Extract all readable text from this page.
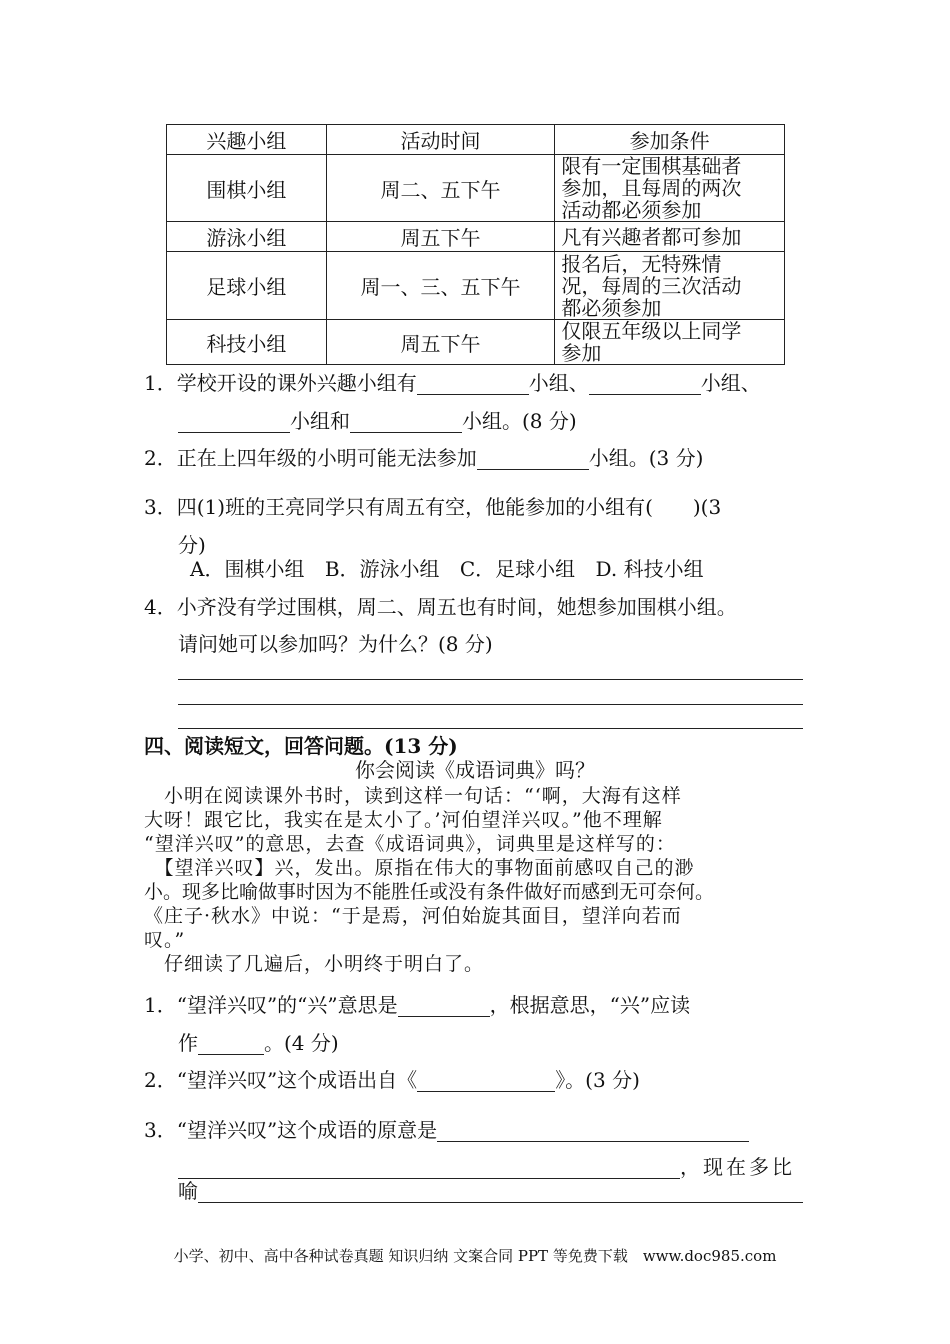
兴趣小组	活动时间	参加条件
围棋小组	周二、五下午	限有一定围棋基础者
参加，且每周的两次
活动都必须参加

游泳小组	周五下午	凡有兴趣者都可参加

足球小组	周一、三、五下午	报名后，无特殊情
况，每周的三次活动
都必须参加

科技小组	周五下午	仅限五年级以上同学
参加
1．学校开设的课外兴趣小组有	小组、	小组、
小组和	小组。(8 分)
2．正在上四年级的小明可能无法参加	小组。(3 分)
3．四(1)班的王亮同学只有周五有空，他能参加的小组有(　　)(3
分)
A．围棋小组 B．游泳小组 C．足球小组 D. 科技小组
4．小齐没有学过围棋，周二、周五也有时间，她想参加围棋小组。
请问她可以参加吗？为什么？(8 分)
四、阅读短文，回答问题。(13 分)
你会阅读《成语词典》吗？
　小明在阅读课外书时，读到这样一句话：“‘啊，大海有这样
大呀！跟它比，我实在是太小了。’河伯望洋兴叹。”他不理解
“望洋兴叹”的意思，去查《成语词典》，词典里是这样写的：
　【望洋兴叹】兴，发出。原指在伟大的事物面前感叹自己的渺
小。现多比喻做事时因为不能胜任或没有条件做好而感到无可奈何。
《庄子·秋水》中说：“于是焉，河伯始旋其面目，望洋向若而
叹。”
　仔细读了几遍后，小明终于明白了。
1．“望洋兴叹”的“兴”意思是	，根据意思，“兴”应读
作	。(4 分)
2．“望洋兴叹”这个成语出自《	》。(3 分)
3．“望洋兴叹”这个成语的原意是
，现在多比
喻
小学、初中、高中各种试卷真题 知识归纳 文案合同 PPT 等免费下载　www.doc985.com
